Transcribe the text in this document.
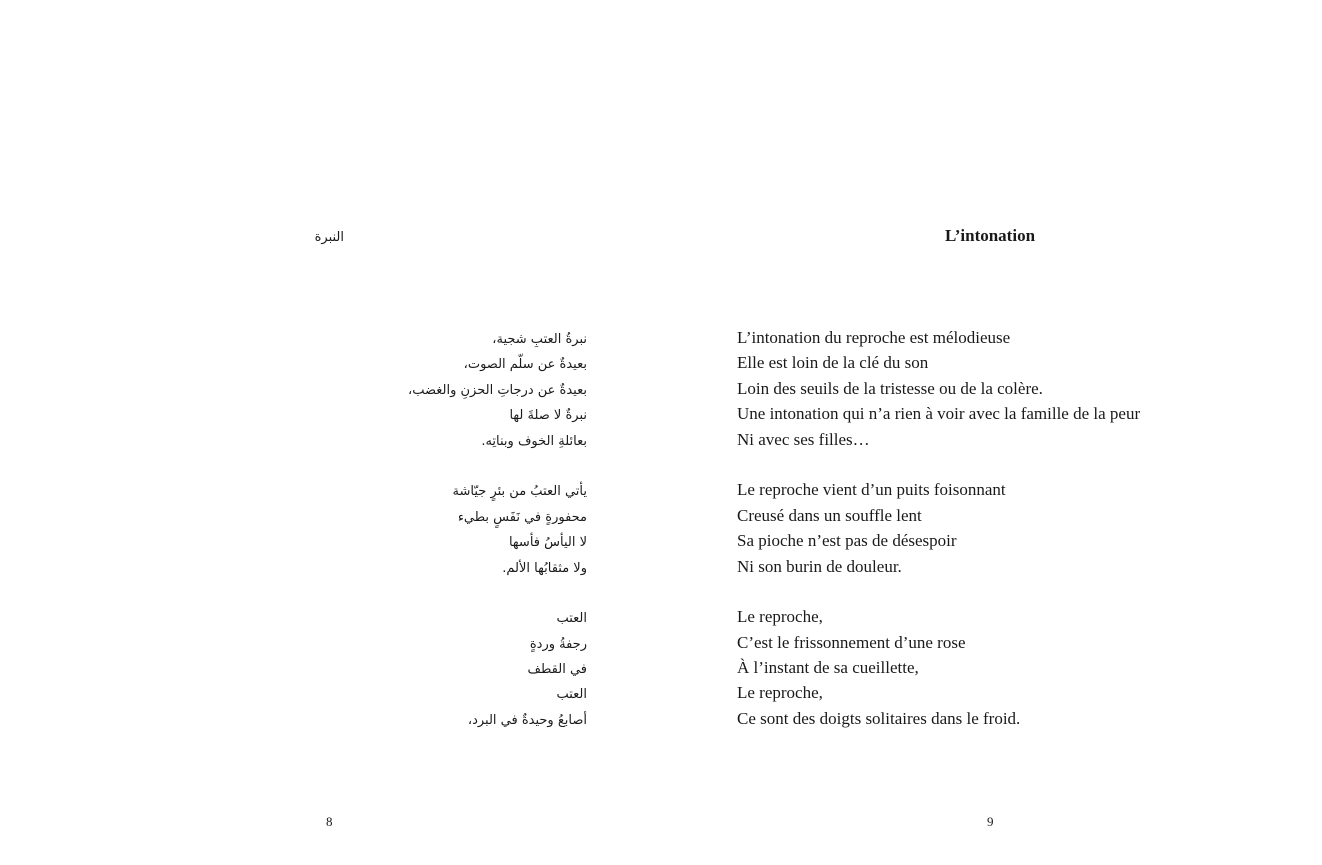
النبرة
نبرةُ العتبِ شجية،
بعيدةٌ عن سلّم الصوت،
بعيدةٌ عن درجاتِ الحزنِ والغضب،
نبرةٌ لا صلةَ لها
بعائلةِ الخوف وبناتِه.
يأتي العتبُ من بئرٍ جيّاشة
محفورةٍ في نَفَسٍ بطيء
لا اليأسُ فأسها
ولا مثقابُها الألم.
العتب
رجفةُ وردةٍ
في القطف
العتب
أصابعُ وحيدةٌ في البرد،
8
L’intonation
L’intonation du reproche est mélodieuse
Elle est loin de la clé du son
Loin des seuils de la tristesse ou de la colère.
Une intonation qui n’a rien à voir avec la famille de la peur
Ni avec ses filles…
Le reproche vient d’un puits foisonnant
Creusé dans un souffle lent
Sa pioche n’est pas de désespoir
Ni son burin de douleur.
Le reproche,
C’est le frissonnement d’une rose
À l’instant de sa cueillette,
Le reproche,
Ce sont des doigts solitaires dans le froid.
9
